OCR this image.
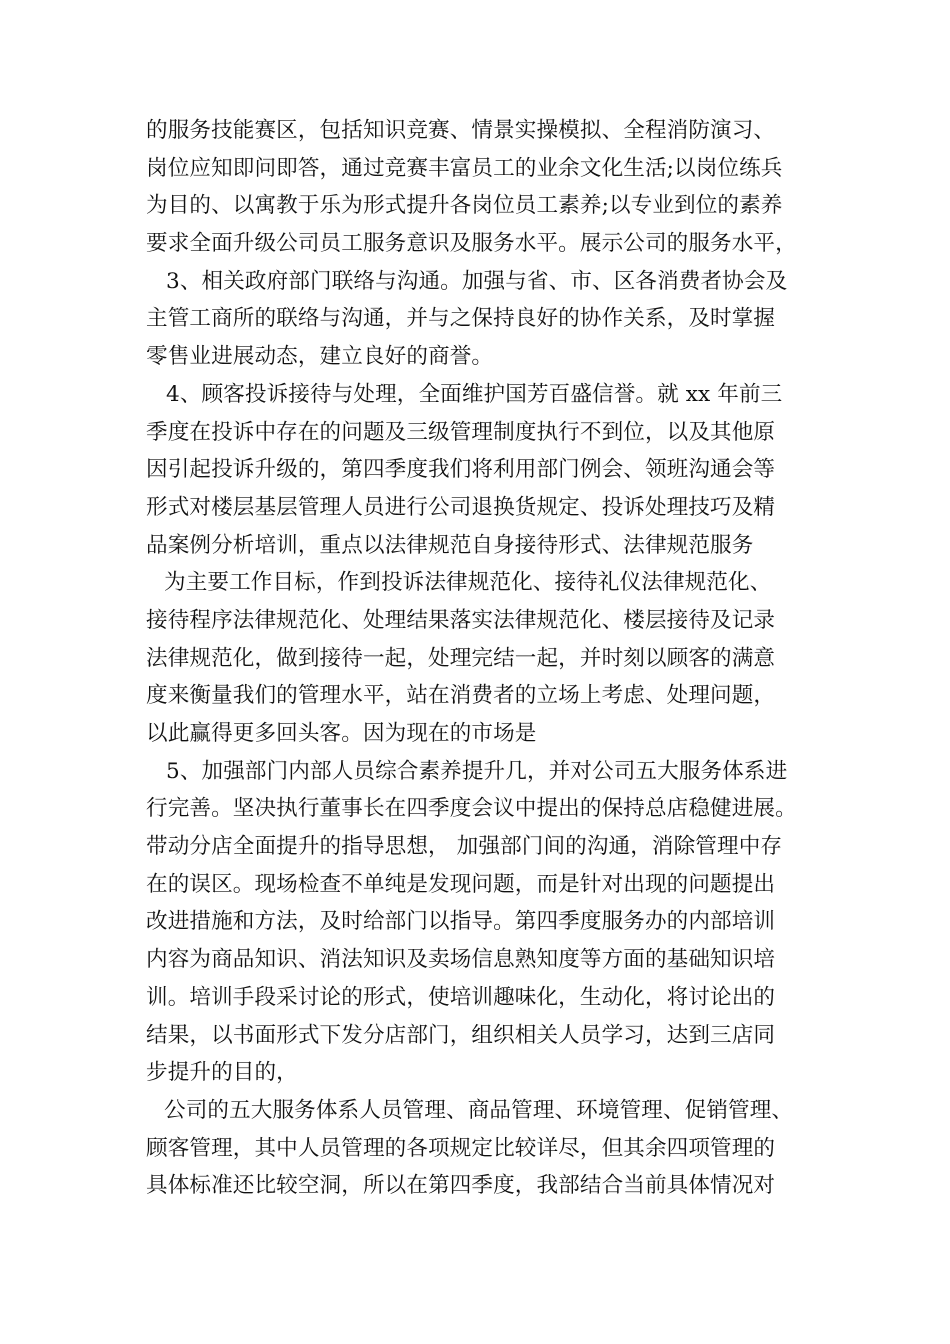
的服务技能赛区，包括知识竞赛、情景实操模拟、全程消防演习、
岗位应知即问即答，通过竞赛丰富员工的业余文化生活;以岗位练兵
为目的、以寓教于乐为形式提升各岗位员工素养;以专业到位的素养
要求全面升级公司员工服务意识及服务水平。展示公司的服务水平，
3、相关政府部门联络与沟通。加强与省、市、区各消费者协会及
主管工商所的联络与沟通，并与之保持良好的协作关系，及时掌握
零售业进展动态，建立良好的商誉。
4、顾客投诉接待与处理，全面维护国芳百盛信誉。就 xx 年前三
季度在投诉中存在的问题及三级管理制度执行不到位，以及其他原
因引起投诉升级的，第四季度我们将利用部门例会、领班沟通会等
形式对楼层基层管理人员进行公司退换货规定、投诉处理技巧及精
品案例分析培训，重点以法律规范自身接待形式、法律规范服务
为主要工作目标，作到投诉法律规范化、接待礼仪法律规范化、
接待程序法律规范化、处理结果落实法律规范化、楼层接待及记录
法律规范化，做到接待一起，处理完结一起，并时刻以顾客的满意
度来衡量我们的管理水平，站在消费者的立场上考虑、处理问题，
以此赢得更多回头客。因为现在的市场是
5、加强部门内部人员综合素养提升几，并对公司五大服务体系进
行完善。坚决执行董事长在四季度会议中提出的保持总店稳健进展。
带动分店全面提升的指导思想， 加强部门间的沟通，消除管理中存
在的误区。现场检查不单纯是发现问题，而是针对出现的问题提出
改进措施和方法，及时给部门以指导。第四季度服务办的内部培训
内容为商品知识、消法知识及卖场信息熟知度等方面的基础知识培
训。培训手段采讨论的形式，使培训趣味化，生动化，将讨论出的
结果，以书面形式下发分店部门，组织相关人员学习，达到三店同
步提升的目的，
公司的五大服务体系人员管理、商品管理、环境管理、促销管理、
顾客管理，其中人员管理的各项规定比较详尽，但其余四项管理的
具体标准还比较空洞，所以在第四季度，我部结合当前具体情况对
